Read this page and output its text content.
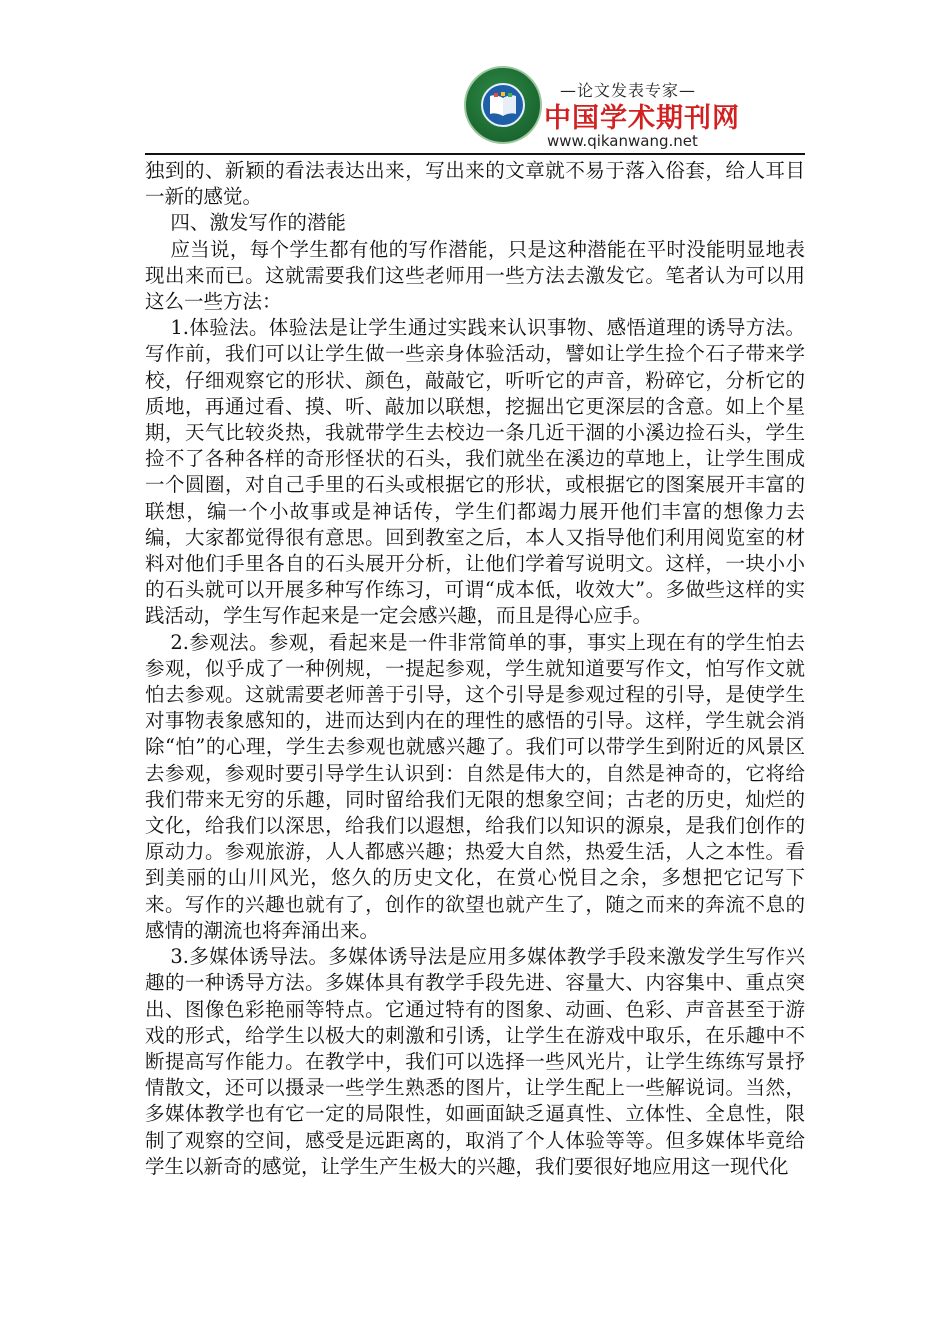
—论文发表专家—
中国学术期刊网
www.qikanwang.net

独到的、新颖的看法表达出来，写出来的文章就不易于落入俗套，给人耳目一新的感觉。

四、激发写作的潜能

应当说，每个学生都有他的写作潜能，只是这种潜能在平时没能明显地表现出来而已。这就需要我们这些老师用一些方法去激发它。笔者认为可以用这么一些方法：

1.体验法。体验法是让学生通过实践来认识事物、感悟道理的诱导方法。写作前，我们可以让学生做一些亲身体验活动，譬如让学生捡个石子带来学校，仔细观察它的形状、颜色，敲敲它，听听它的声音，粉碎它，分析它的质地，再通过看、摸、听、敲加以联想，挖掘出它更深层的含意。如上个星期，天气比较炎热，我就带学生去校边一条几近干涸的小溪边捡石头，学生捡不了各种各样的奇形怪状的石头，我们就坐在溪边的草地上，让学生围成一个圆圈，对自己手里的石头或根据它的形状，或根据它的图案展开丰富的联想，编一个小故事或是神话传，学生们都竭力展开他们丰富的想像力去编，大家都觉得很有意思。回到教室之后，本人又指导他们利用阅览室的材料对他们手里各自的石头展开分析，让他们学着写说明文。这样，一块小小的石头就可以开展多种写作练习，可谓“成本低，收效大”。多做些这样的实践活动，学生写作起来是一定会感兴趣，而且是得心应手。

2.参观法。参观，看起来是一件非常简单的事，事实上现在有的学生怕去参观，似乎成了一种例规，一提起参观，学生就知道要写作文，怕写作文就怕去参观。这就需要老师善于引导，这个引导是参观过程的引导，是使学生对事物表象感知的，进而达到内在的理性的感悟的引导。这样，学生就会消除“怕”的心理，学生去参观也就感兴趣了。我们可以带学生到附近的风景区去参观，参观时要引导学生认识到：自然是伟大的，自然是神奇的，它将给我们带来无穷的乐趣，同时留给我们无限的想象空间；古老的历史，灿烂的文化，给我们以深思，给我们以遐想，给我们以知识的源泉，是我们创作的原动力。参观旅游，人人都感兴趣；热爱大自然，热爱生活，人之本性。看到美丽的山川风光，悠久的历史文化，在赏心悦目之余，多想把它记写下来。写作的兴趣也就有了，创作的欲望也就产生了，随之而来的奔流不息的感情的潮流也将奔涌出来。

3.多媒体诱导法。多媒体诱导法是应用多媒体教学手段来激发学生写作兴趣的一种诱导方法。多媒体具有教学手段先进、容量大、内容集中、重点突出、图像色彩艳丽等特点。它通过特有的图象、动画、色彩、声音甚至于游戏的形式，给学生以极大的刺激和引诱，让学生在游戏中取乐，在乐趣中不断提高写作能力。在教学中，我们可以选择一些风光片，让学生练练写景抒情散文，还可以摄录一些学生熟悉的图片，让学生配上一些解说词。当然，多媒体教学也有它一定的局限性，如画面缺乏逼真性、立体性、全息性，限制了观察的空间，感受是远距离的，取消了个人体验等等。但多媒体毕竟给学生以新奇的感觉，让学生产生极大的兴趣，我们要很好地应用这一现代化
